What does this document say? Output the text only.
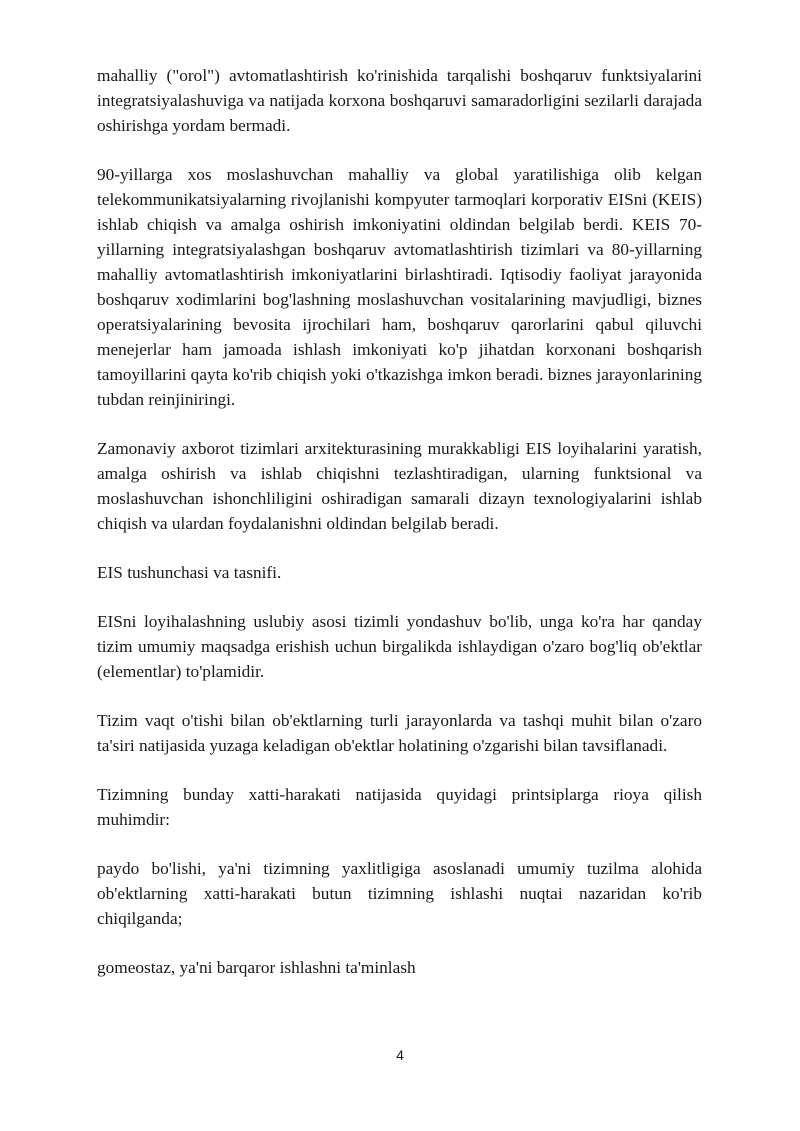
mahalliy ("orol") avtomatlashtirish ko'rinishida tarqalishi boshqaruv funktsiyalarini integratsiyalashuviga va natijada korxona boshqaruvi samaradorligini sezilarli darajada oshirishga yordam bermadi.

90-yillarga xos moslashuvchan mahalliy va global yaratilishiga olib kelgan telekommunikatsiyalarning rivojlanishi kompyuter tarmoqlari korporativ EISni (KEIS) ishlab chiqish va amalga oshirish imkoniyatini oldindan belgilab berdi. KEIS 70-yillarning integratsiyalashgan boshqaruv avtomatlashtirish tizimlari va 80-yillarning mahalliy avtomatlashtirish imkoniyatlarini birlashtiradi. Iqtisodiy faoliyat jarayonida boshqaruv xodimlarini bog'lashning moslashuvchan vositalarining mavjudligi, biznes operatsiyalarining bevosita ijrochilari ham, boshqaruv qarorlarini qabul qiluvchi menejerlar ham jamoada ishlash imkoniyati ko'p jihatdan korxonani boshqarish tamoyillarini qayta ko'rib chiqish yoki o'tkazishga imkon beradi. biznes jarayonlarining tubdan reinjiniringi.

Zamonaviy axborot tizimlari arxitekturasining murakkabligi EIS loyihalarini yaratish, amalga oshirish va ishlab chiqishni tezlashtiradigan, ularning funktsional va moslashuvchan ishonchliligini oshiradigan samarali dizayn texnologiyalarini ishlab chiqish va ulardan foydalanishni oldindan belgilab beradi.

EIS tushunchasi va tasnifi.

EISni loyihalashning uslubiy asosi tizimli yondashuv bo'lib, unga ko'ra har qanday tizim umumiy maqsadga erishish uchun birgalikda ishlaydigan o'zaro bog'liq ob'ektlar (elementlar) to'plamidir.

Tizim vaqt o'tishi bilan ob'ektlarning turli jarayonlarda va tashqi muhit bilan o'zaro ta'siri natijasida yuzaga keladigan ob'ektlar holatining o'zgarishi bilan tavsiflanadi.

Tizimning bunday xatti-harakati natijasida quyidagi printsiplarga rioya qilish muhimdir:

paydo bo'lishi, ya'ni tizimning yaxlitligiga asoslanadi umumiy tuzilma alohida ob'ektlarning xatti-harakati butun tizimning ishlashi nuqtai nazaridan ko'rib chiqilganda;

gomeostaz, ya'ni barqaror ishlashni ta'minlash

4
